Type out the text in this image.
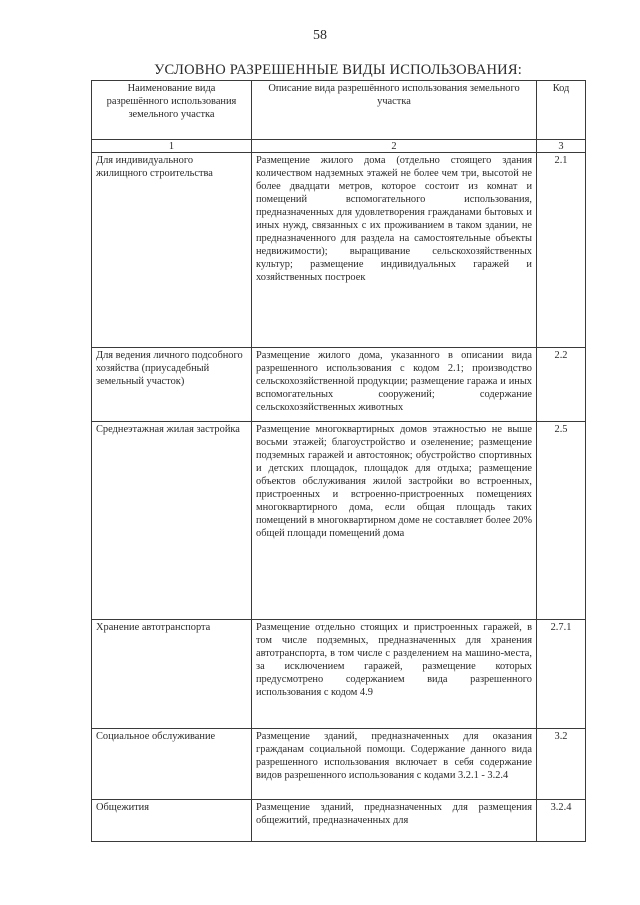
58
УСЛОВНО РАЗРЕШЕННЫЕ ВИДЫ ИСПОЛЬЗОВАНИЯ:
Наименование вида разрешённого использования земельного участка	Описание вида разрешённого использования земельного участка	Код
1	2	3
Для индивидуального жилищного строительства	Размещение жилого дома (отдельно стоящего здания количеством надземных этажей не более чем три, высотой не более двадцати метров, которое состоит из комнат и помещений вспомогательного использования, предназначенных для удовлетворения гражданами бытовых и иных нужд, связанных с их проживанием в таком здании, не предназначенного для раздела на самостоятельные объекты недвижимости); выращивание сельскохозяйственных культур; размещение индивидуальных гаражей и хозяйственных построек	2.1
Для ведения личного подсобного хозяйства (приусадебный земельный участок)	Размещение жилого дома, указанного в описании вида разрешенного использования с кодом 2.1; производство сельскохозяйственной продукции; размещение гаража и иных вспомогательных сооружений; содержание сельскохозяйственных животных	2.2
Среднеэтажная жилая застройка	Размещение многоквартирных домов этажностью не выше восьми этажей; благоустройство и озеленение; размещение подземных гаражей и автостоянок; обустройство спортивных и детских площадок, площадок для отдыха; размещение объектов обслуживания жилой застройки во встроенных, пристроенных и встроенно-пристроенных помещениях многоквартирного дома, если общая площадь таких помещений в многоквартирном доме не составляет более 20% общей площади помещений дома	2.5
Хранение автотранспорта	Размещение отдельно стоящих и пристроенных гаражей, в том числе подземных, предназначенных для хранения автотранспорта, в том числе с разделением на машино-места, за исключением гаражей, размещение которых предусмотрено содержанием вида разрешенного использования с кодом 4.9	2.7.1
Социальное обслуживание	Размещение зданий, предназначенных для оказания гражданам социальной помощи. Содержание данного вида разрешенного использования включает в себя содержание видов разрешенного использования с кодами 3.2.1 - 3.2.4	3.2
Общежития	Размещение зданий, предназначенных для размещения общежитий, предназначенных для	3.2.4
